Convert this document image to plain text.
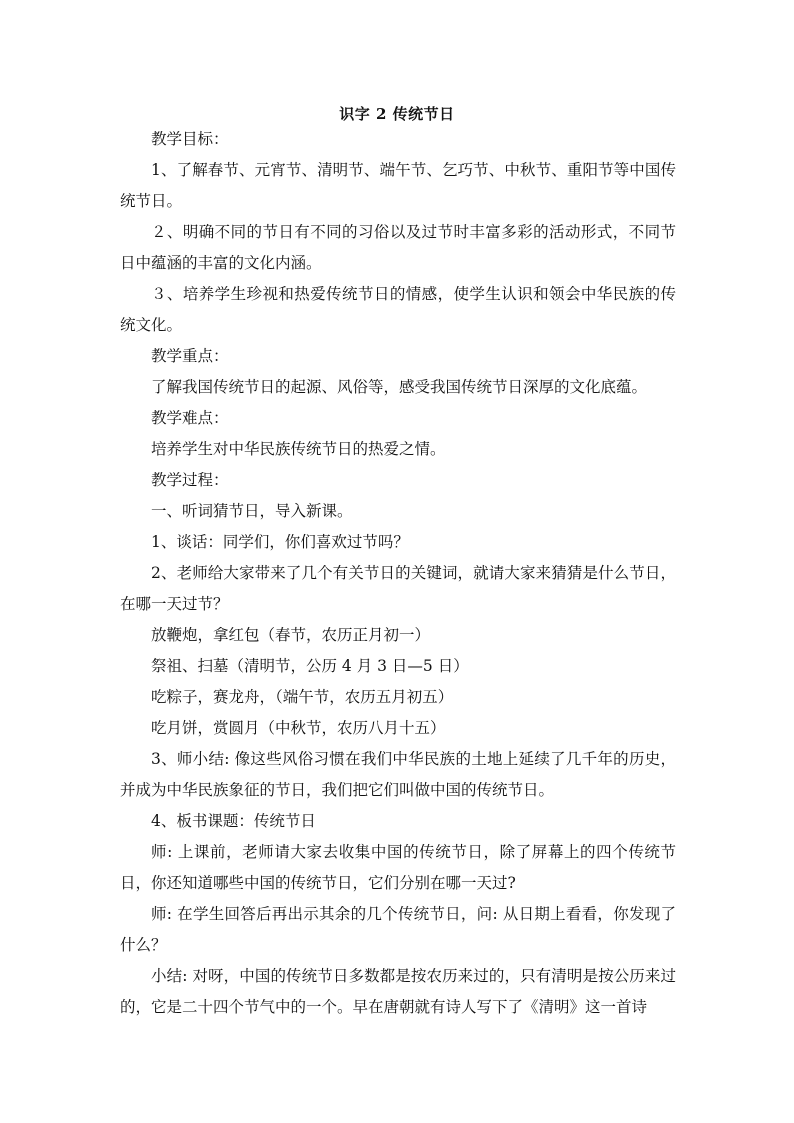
识字 2 传统节日

教学目标：

1、了解春节、元宵节、清明节、端午节、乞巧节、中秋节、重阳节等中国传统节日。

２、明确不同的节日有不同的习俗以及过节时丰富多彩的活动形式，不同节日中蕴涵的丰富的文化内涵。

３、培养学生珍视和热爱传统节日的情感，使学生认识和领会中华民族的传统文化。

教学重点：

了解我国传统节日的起源、风俗等，感受我国传统节日深厚的文化底蕴。

教学难点：

培养学生对中华民族传统节日的热爱之情。

教学过程：

一、听词猜节日，导入新课。

1、谈话：同学们，你们喜欢过节吗？

2、老师给大家带来了几个有关节日的关键词，就请大家来猜猜是什么节日，在哪一天过节？

放鞭炮，拿红包（春节，农历正月初一）

祭祖、扫墓（清明节，公历 4 月 3 日—5 日）

吃粽子，赛龙舟，（端午节，农历五月初五）

吃月饼，赏圆月（中秋节，农历八月十五）

3、师小结: 像这些风俗习惯在我们中华民族的土地上延续了几千年的历史，并成为中华民族象征的节日，我们把它们叫做中国的传统节日。

4、板书课题：传统节日

师: 上课前，老师请大家去收集中国的传统节日，除了屏幕上的四个传统节日，你还知道哪些中国的传统节日，它们分别在哪一天过?

师: 在学生回答后再出示其余的几个传统节日，问: 从日期上看看，你发现了什么？

小结: 对呀，中国的传统节日多数都是按农历来过的，只有清明是按公历来过的，它是二十四个节气中的一个。早在唐朝就有诗人写下了《清明》这一首诗
